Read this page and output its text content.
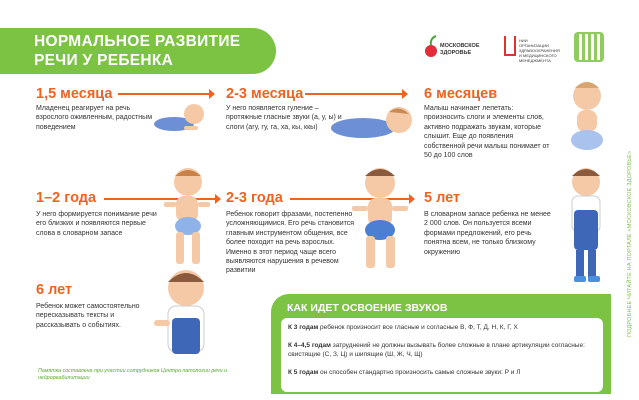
НОРМАЛЬНОЕ РАЗВИТИЕ РЕЧИ У РЕБЕНКА
МОСКОВСКОЕ
ЗДОРОВЬЕ
НИИ
ОРГАНИЗАЦИИ
ЗДРАВООХРАНЕНИЯ
И МЕДИЦИНСКОГО
МЕНЕДЖМЕНТА
ПОДРОБНЕЕ ЧИТАЙТЕ НА ПОРТАЛЕ «МОСКОВСКОЕ ЗДОРОВЬЕ»
1,5 месяца
Младенец реагирует на речь взрослого оживленным, радостным поведением
2-3 месяца
У него появляется гуление – протяжные гласные звуки (а, у, ы) и слоги (агу, гу, га, ха, кы, ккы)
6 месяцев
Малыш начинает лепетать: произносить слоги и элементы слов, активно подражать звукам, которые слышит. Еще до появления собственной речи малыш понимает от 50 до 100 слов
1–2 года
У него формируется понимание речи его близких и появляются первые слова в словарном запасе
2-3 года
Ребенок говорит фразами, постепенно усложняющимися. Его речь становится главным инструментом общения, все более походит на речь взрослых. Именно в этот период чаще всего выявляются нарушения в речевом развитии
5 лет
В словарном запасе ребенка не менее 2 000 слов. Он пользуется всеми формами предложений, его речь понятна всем, не только близкому окружению
6 лет
Ребенок может самостоятельно пересказывать тексты и рассказывать о событиях.
КАК ИДЕТ ОСВОЕНИЕ ЗВУКОВ
К 3 годам ребенок произносит все гласные и согласные В, Ф, Т, Д, Н, К, Г, Х
К 4–4,5 годам затруднений не должны вызывать более сложные в плане артикуляции согласные: свистящие (С, З, Ц) и шипящие (Ш, Ж, Ч, Щ)
К 5 годам он способен стандартно произносить самые сложные звуки: Р и Л
Памятка составлена при участии сотрудников Центра патологии речи и нейрореабилитации
